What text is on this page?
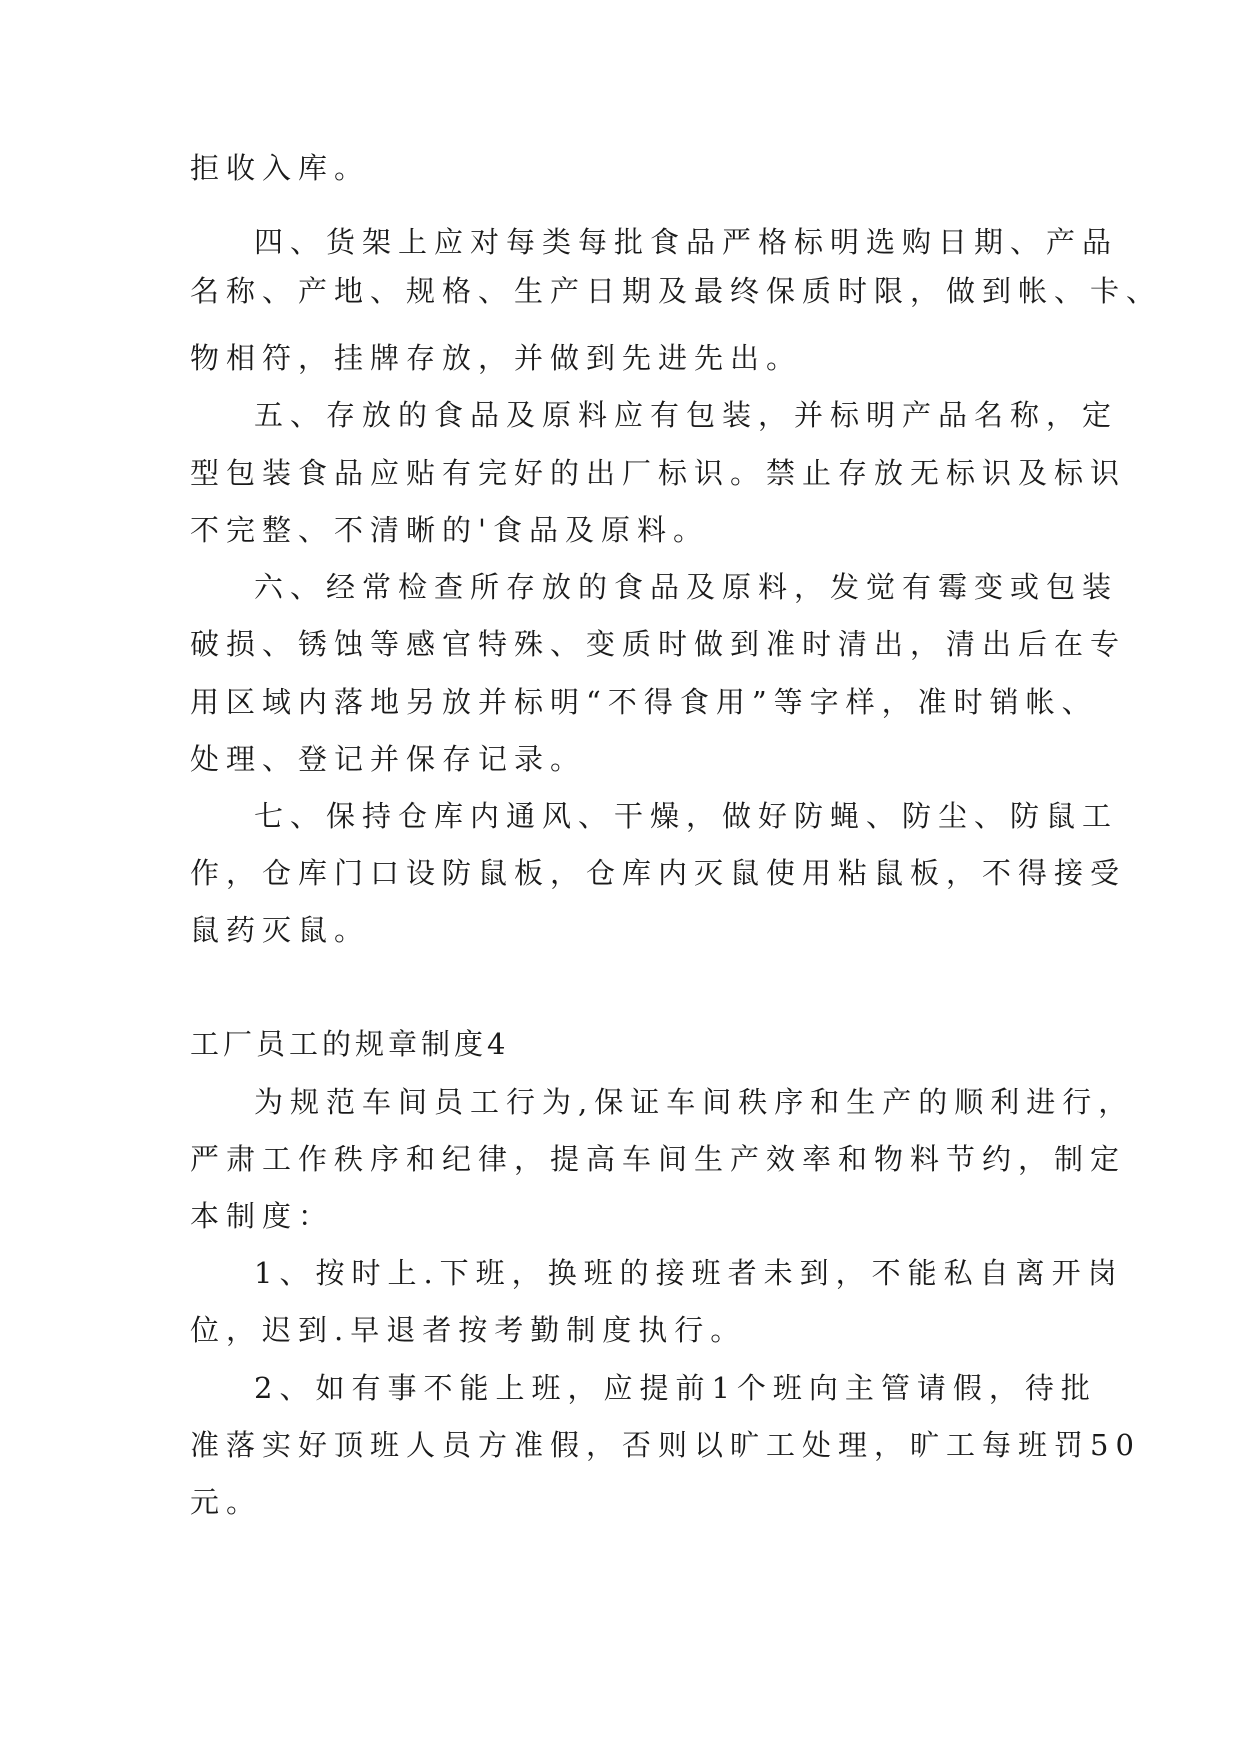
拒收入库。
四、货架上应对每类每批食品严格标明选购日期、产品
名称、产地、规格、生产日期及最终保质时限，做到帐、卡、
物相符，挂牌存放，并做到先进先出。
五、存放的食品及原料应有包装，并标明产品名称，定
型包装食品应贴有完好的出厂标识。禁止存放无标识及标识
不完整、不清晰的'食品及原料。
六、经常检查所存放的食品及原料，发觉有霉变或包装
破损、锈蚀等感官特殊、变质时做到准时清出，清出后在专
用区域内落地另放并标明“不得食用”等字样，准时销帐、
处理、登记并保存记录。
七、保持仓库内通风、干燥，做好防蝇、防尘、防鼠工
作，仓库门口设防鼠板，仓库内灭鼠使用粘鼠板，不得接受
鼠药灭鼠。
工厂员工的规章制度4
为规范车间员工行为,保证车间秩序和生产的顺利进行，
严肃工作秩序和纪律，提高车间生产效率和物料节约，制定
本制度：
1、按时上.下班，换班的接班者未到，不能私自离开岗
位，迟到.早退者按考勤制度执行。
2、如有事不能上班，应提前1个班向主管请假，待批
准落实好顶班人员方准假，否则以旷工处理，旷工每班罚50
元。
